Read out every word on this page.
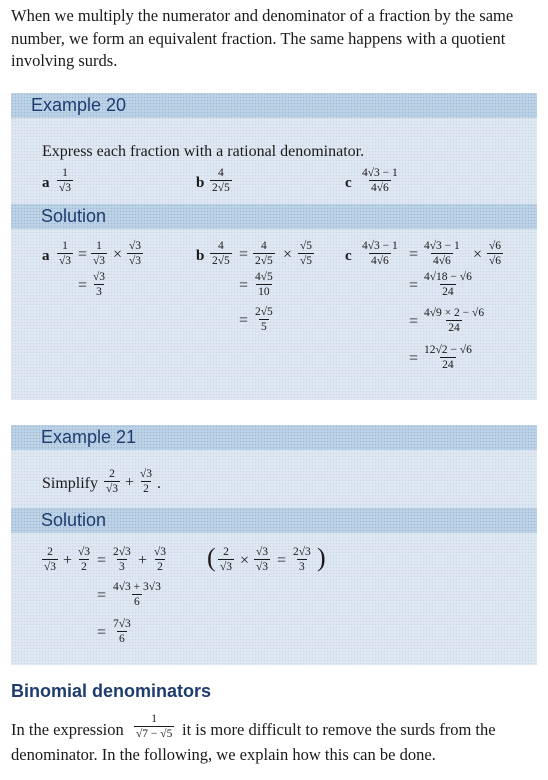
When we multiply the numerator and denominator of a fraction by the same number, we form an equivalent fraction. The same happens with a quotient involving surds.
Example 20
Express each fraction with a rational denominator.
a $\frac{1}{√3}$	b $\frac{4}{2√5}$	c $\frac{4√3 - 1}{4√6}$
Solution
a $\frac{1}{√3} = \frac{1}{√3} \times \frac{√3}{√3}$
= $\frac{√3}{3}$
b $\frac{4}{2√5} = \frac{4}{2√5} \times \frac{√5}{√5}$
= $\frac{4√5}{10}$
= $\frac{2√5}{5}$
c $\frac{4√3 - 1}{4√6} = \frac{4√3 - 1}{4√6} \times \frac{√6}{√6}$
= $\frac{4√18 - √6}{24}$
= $\frac{4√9 \times 2 - √6}{24}$
= $\frac{12√2 - √6}{24}$
Example 21
Simplify $\frac{2}{√3} + \frac{√3}{2}$ .
Solution
$\frac{2}{√3} + \frac{√3}{2} = \frac{2√3}{3} + \frac{√3}{2}$ ( $\frac{2}{√3} \times \frac{√3}{√3} = \frac{2√3}{3}$ )
= $\frac{4√3 + 3√3}{6}$
= $\frac{7√3}{6}$
Binomial denominators
In the expression $\frac{1}{√7 - √5}$ it is more difficult to remove the surds from the
denominator. In the following, we explain how this can be done.
